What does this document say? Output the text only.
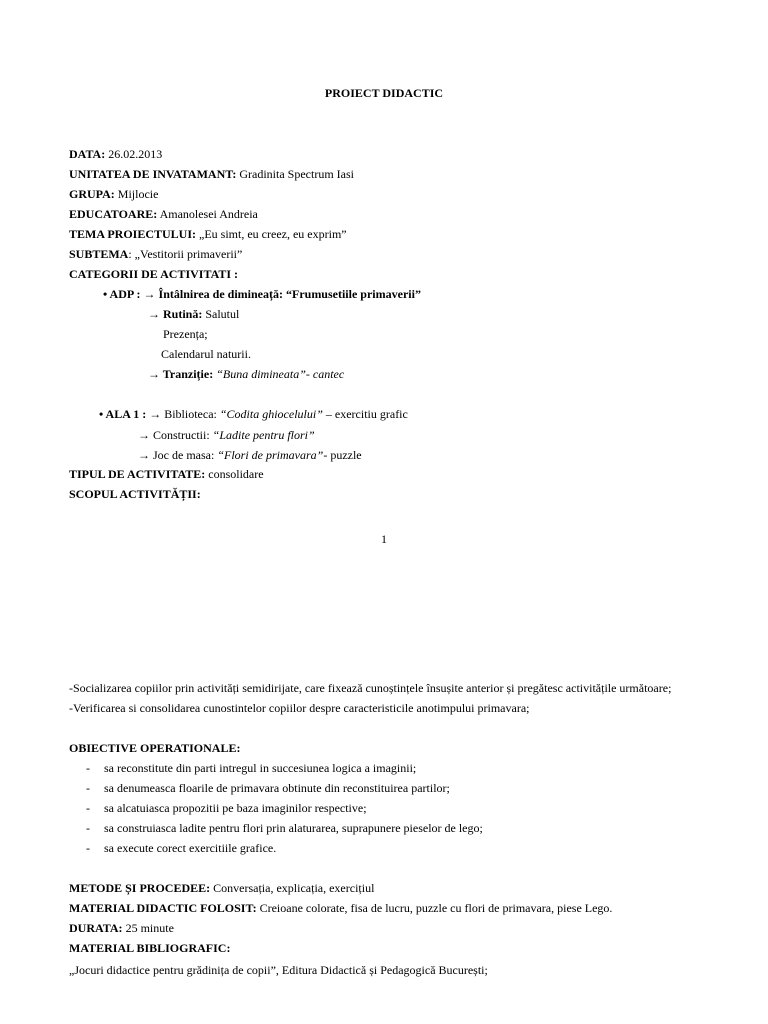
PROIECT DIDACTIC
DATA: 26.02.2013
UNITATEA DE INVATAMANT: Gradinita Spectrum Iasi
GRUPA: Mijlocie
EDUCATOARE: Amanolesei Andreia
TEMA PROIECTULUI: „Eu simt, eu creez, eu exprim”
SUBTEMA: „Vestitorii primaverii”
CATEGORII DE ACTIVITATI :
• ADP : → Întâlnirea de dimineață: “Frumusetiile primaverii”
→ Rutină: Salutul
Prezența;
Calendarul naturii.
→ Tranziție: “Buna dimineata”- cantec
• ALA 1 : → Biblioteca: “Codita ghiocelului” – exercitiu grafic
→ Constructii: “Ladite pentru flori”
→ Joc de masa: “Flori de primavara”- puzzle
TIPUL DE ACTIVITATE: consolidare
SCOPUL ACTIVITĂȚII:
1
-Socializarea copiilor prin activități semidirijate, care fixează cunoștințele însușite anterior și pregătesc activitățile următoare;
-Verificarea si consolidarea cunostintelor copiilor despre caracteristicile anotimpului primavara;
OBIECTIVE OPERATIONALE:
- sa reconstitute din parti intregul in succesiunea logica a imaginii;
- sa denumeasca floarile de primavara obtinute din reconstituirea partilor;
- sa alcatuiasca propozitii pe baza imaginilor respective;
- sa construiasca ladite pentru flori prin alaturarea, suprapunere pieselor de lego;
- sa execute corect exercitiile grafice.
METODE ȘI PROCEDEE: Conversația, explicația, exercițiul
MATERIAL DIDACTIC FOLOSIT: Creioane colorate, fisa de lucru, puzzle cu flori de primavara, piese Lego.
DURATA: 25 minute
MATERIAL BIBLIOGRAFIC:
„Jocuri didactice pentru grădinița de copii”, Editura Didactică și Pedagogică București;
